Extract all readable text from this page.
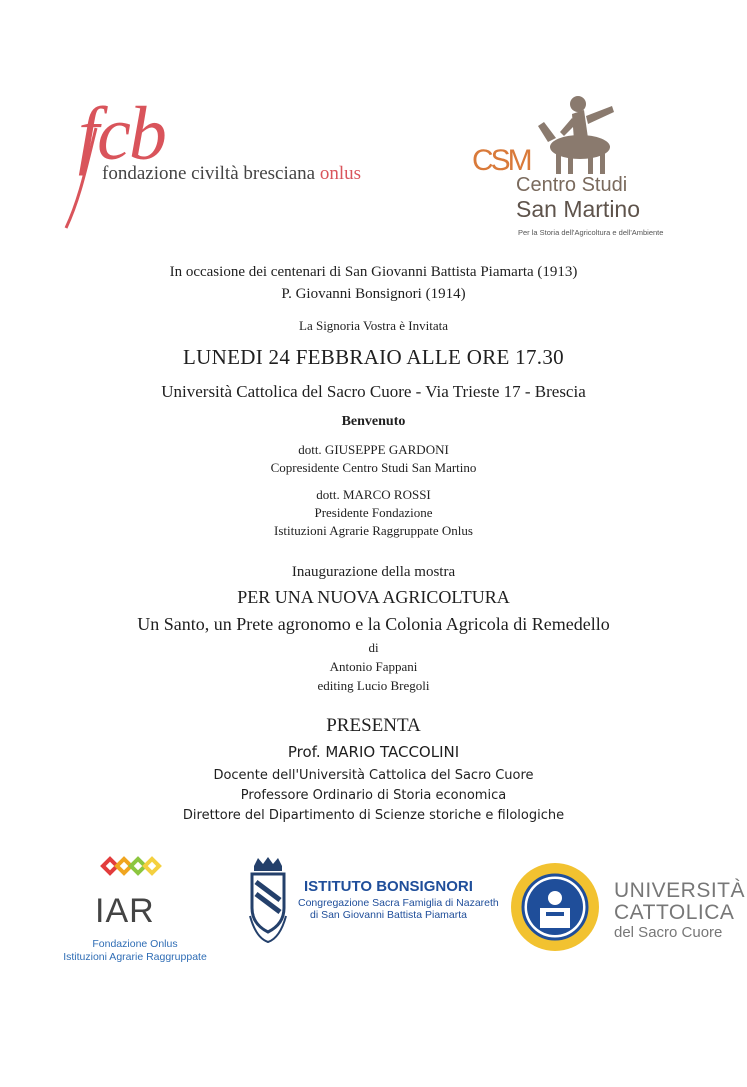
fcb
fondazione civiltà bresciana onlus	CSM
Centro Studi
San Martino
Per la Storia dell'Agricoltura e dell'Ambiente
In occasione dei centenari di San Giovanni Battista Piamarta (1913)
P. Giovanni Bonsignori (1914)
La Signoria Vostra è Invitata
LUNEDI 24 FEBBRAIO ALLE ORE 17.30
Università Cattolica del Sacro Cuore - Via Trieste 17 - Brescia
Benvenuto
dott. GIUSEPPE GARDONI
Copresidente Centro Studi San Martino
dott. MARCO ROSSI
Presidente Fondazione
Istituzioni Agrarie Raggruppate Onlus
Inaugurazione della mostra
PER UNA NUOVA AGRICOLTURA
Un Santo, un Prete agronomo e la Colonia Agricola di Remedello
di
Antonio Fappani
editing Lucio Bregoli
PRESENTA
Prof. MARIO TACCOLINI
Docente dell'Università Cattolica del Sacro Cuore
Professore Ordinario di Storia economica
Direttore del Dipartimento di Scienze storiche e filologiche
IAR
Fondazione Onlus
Istituzioni Agrarie Raggruppate
ISTITUTO BONSIGNORI
Congregazione Sacra Famiglia di Nazareth
di San Giovanni Battista Piamarta
UNIVERSITÀ
CATTOLICA
del Sacro Cuore
